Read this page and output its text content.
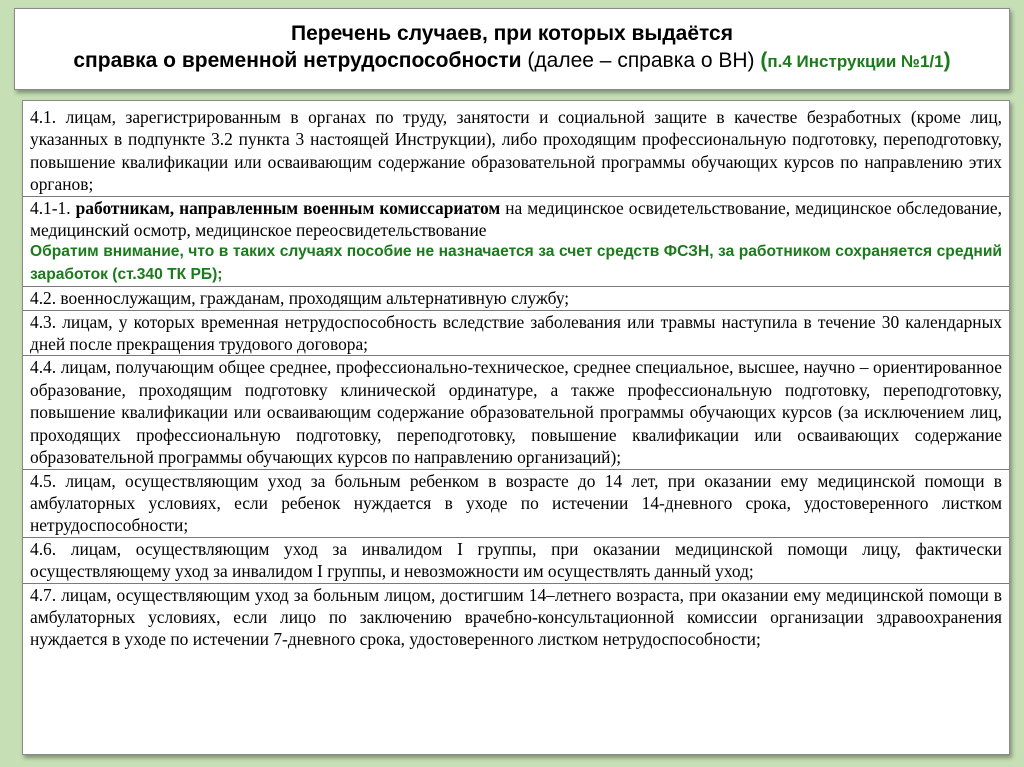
Перечень случаев, при которых выдаётся
справка о временной нетрудоспособности (далее – справка о ВН) (п.4 Инструкции №1/1)
4.1. лицам, зарегистрированным в органах по труду, занятости и социальной защите в качестве безработных (кроме лиц, указанных в подпункте 3.2 пункта 3 настоящей Инструкции), либо проходящим профессиональную подготовку, переподготовку, повышение квалификации или осваивающим содержание образовательной программы обучающих курсов по направлению этих органов;
4.1-1. работникам, направленным военным комиссариатом на медицинское освидетельствование, медицинское обследование, медицинский осмотр, медицинское переосвидетельствование
Обратим внимание, что в таких случаях пособие не назначается за счет средств ФСЗН, за работником сохраняется средний заработок (ст.340 ТК РБ);
4.2. военнослужащим, гражданам, проходящим альтернативную службу;
4.3. лицам, у которых временная нетрудоспособность вследствие заболевания или травмы наступила в течение 30 календарных дней после прекращения трудового договора;
4.4. лицам, получающим общее среднее, профессионально-техническое, среднее специальное, высшее, научно – ориентированное образование, проходящим подготовку клинической ординатуре, а также профессиональную подготовку, переподготовку, повышение квалификации или осваивающим содержание образовательной программы обучающих курсов (за исключением лиц, проходящих профессиональную подготовку, переподготовку, повышение квалификации или осваивающих содержание образовательной программы обучающих курсов по направлению организаций);
4.5. лицам, осуществляющим уход за больным ребенком в возрасте до 14 лет, при оказании ему медицинской помощи в амбулаторных условиях, если ребенок нуждается в уходе по истечении 14-дневного срока, удостоверенного листком нетрудоспособности;
4.6. лицам, осуществляющим уход за инвалидом I группы, при оказании медицинской помощи лицу, фактически осуществляющему уход за инвалидом I группы, и невозможности им осуществлять данный уход;
4.7. лицам, осуществляющим уход за больным лицом, достигшим 14–летнего возраста, при оказании ему медицинской помощи в амбулаторных условиях, если лицо по заключению врачебно-консультационной комиссии организации здравоохранения нуждается в уходе по истечении 7-дневного срока, удостоверенного листком нетрудоспособности;
